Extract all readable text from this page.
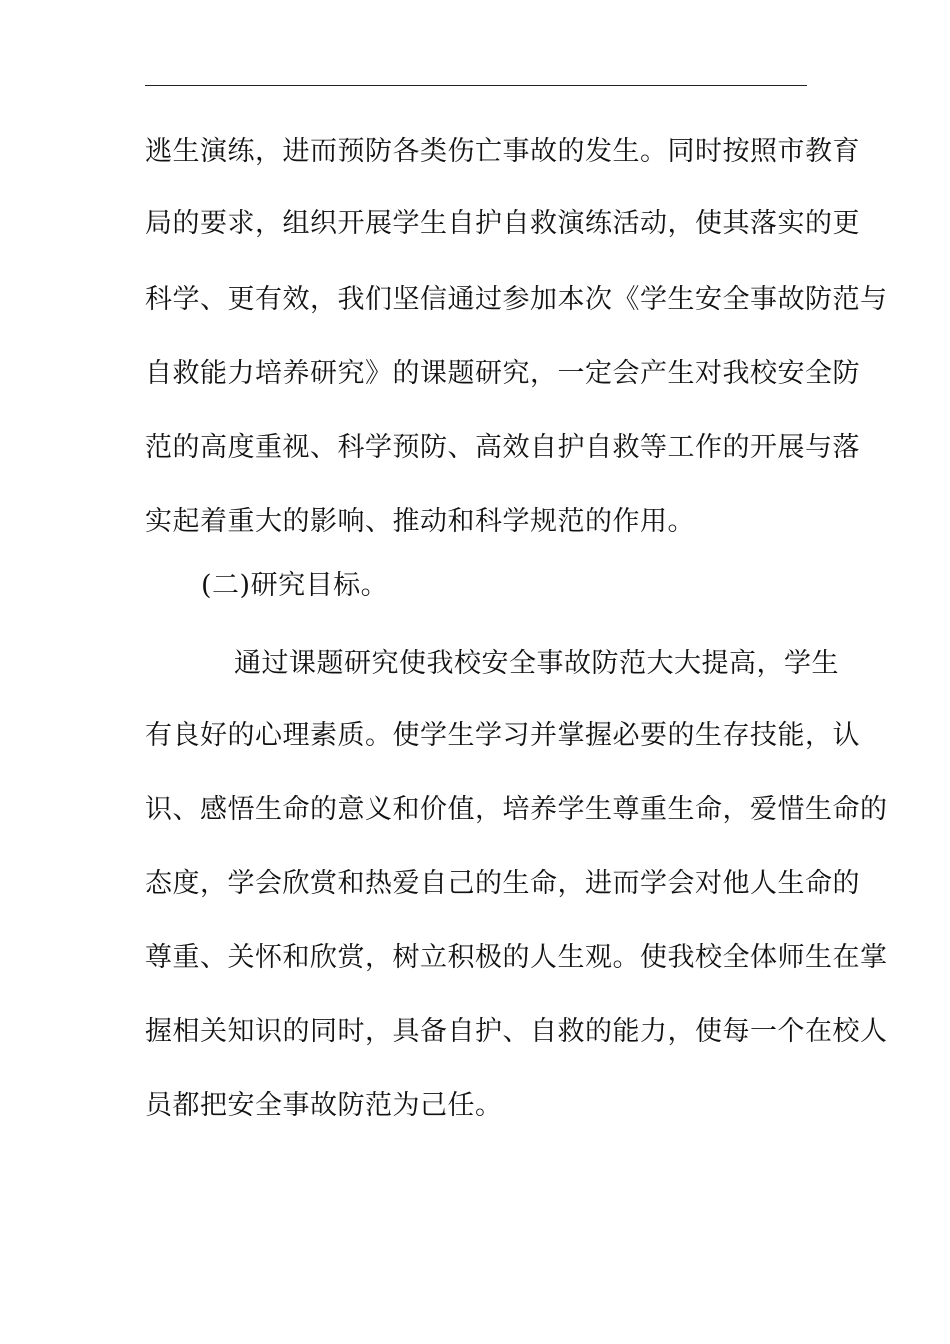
逃生演练，进而预防各类伤亡事故的发生。同时按照市教育
局的要求，组织开展学生自护自救演练活动，使其落实的更
科学、更有效，我们坚信通过参加本次《学生安全事故防范与
自救能力培养研究》的课题研究，一定会产生对我校安全防
范的高度重视、科学预防、高效自护自救等工作的开展与落
实起着重大的影响、推动和科学规范的作用。
(二)研究目标。
通过课题研究使我校安全事故防范大大提高，学生
有良好的心理素质。使学生学习并掌握必要的生存技能，认
识、感悟生命的意义和价值，培养学生尊重生命，爱惜生命的
态度，学会欣赏和热爱自己的生命，进而学会对他人生命的
尊重、关怀和欣赏，树立积极的人生观。使我校全体师生在掌
握相关知识的同时，具备自护、自救的能力，使每一个在校人
员都把安全事故防范为己任。
